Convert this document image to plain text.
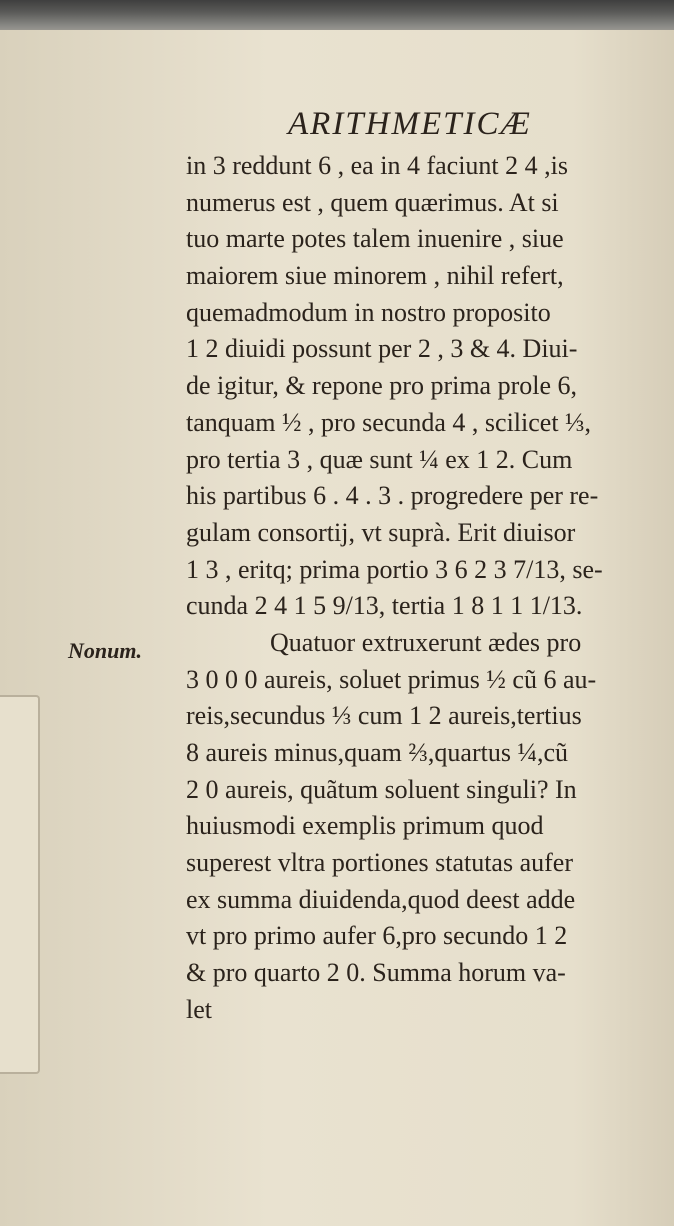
ARITHMETICÆ
Nonum.
in 3 reddunt 6 , ea in 4 faciunt 2 4 ,is
numerus est , quem quærimus. At si
tuo marte potes talem inuenire , siue
maiorem siue minorem , nihil refert,
quemadmodum in nostro proposito
1 2 diuidi possunt per 2 , 3 & 4. Diui-
de igitur, & repone pro prima prole 6,
tanquam ½ , pro secunda 4 , scilicet ⅓,
pro tertia 3 , quæ sunt ¼ ex 1 2. Cum
his partibus 6 . 4 . 3 . progredere per re-
gulam consortij, vt suprà. Erit diuisor
1 3 , eritq; prima portio 3 6 2 3 7/13, se-
cunda 2 4 1 5 9/13, tertia 1 8 1 1 1/13.
Quatuor extruxerunt ædes pro
3 0 0 0 aureis, soluet primus ½ cũ 6 au-
reis,secundus ⅓ cum 1 2 aureis,tertius
8 aureis minus,quam ⅔,quartus ¼,cũ
2 0 aureis, quãtum soluent singuli? In
huiusmodi exemplis primum quod
superest vltra portiones statutas aufer
ex summa diuidenda,quod deest adde
vt pro primo aufer 6,pro secundo 1 2
& pro quarto 2 0. Summa horum va-
let
